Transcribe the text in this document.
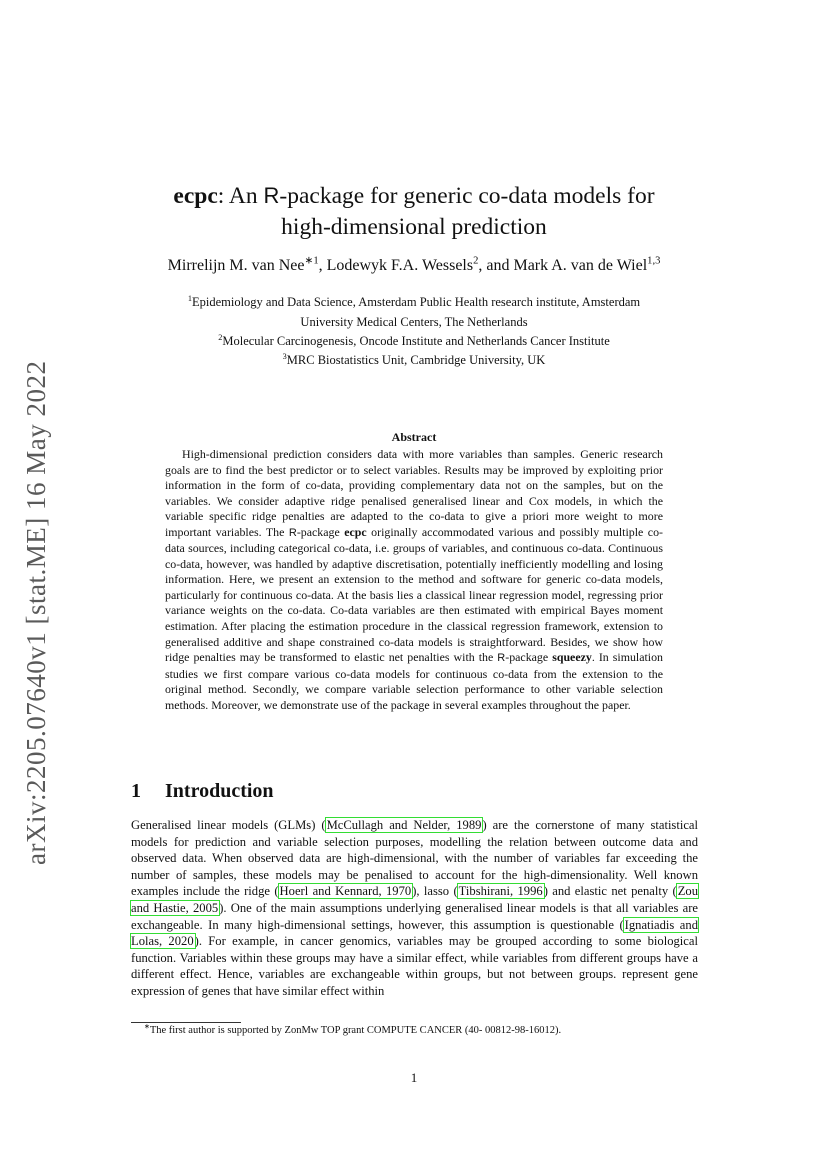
arXiv:2205.07640v1 [stat.ME] 16 May 2022
ecpc: An R-package for generic co-data models for
high-dimensional prediction
Mirrelijn M. van Nee$^{∗1}$, Lodewyk F.A. Wessels$^2$, and Mark A. van de Wiel$^{1,3}$
$^1$Epidemiology and Data Science, Amsterdam Public Health research institute, Amsterdam
University Medical Centers, The Netherlands
$^2$Molecular Carcinogenesis, Oncode Institute and Netherlands Cancer Institute
$^3$MRC Biostatistics Unit, Cambridge University, UK
Abstract

High-dimensional prediction considers data with more variables than samples. Generic research goals are to find the best predictor or to select variables. Results may be improved by exploiting prior information in the form of co-data, providing complementary data not on the samples, but on the variables. We consider adaptive ridge penalised generalised linear and Cox models, in which the variable specific ridge penalties are adapted to the co-data to give a priori more weight to more important variables. The R-package ecpc originally accommodated various and possibly multiple co-data sources, including categorical co-data, i.e. groups of variables, and continuous co-data. Continuous co-data, however, was handled by adaptive discretisation, potentially inefficiently modelling and losing information. Here, we present an extension to the method and software for generic co-data models, particularly for continuous co-data. At the basis lies a classical linear regression model, regressing prior variance weights on the co-data. Co-data variables are then estimated with empirical Bayes moment estimation. After placing the estimation procedure in the classical regression framework, extension to generalised additive and shape constrained co-data models is straightforward. Besides, we show how ridge penalties may be transformed to elastic net penalties with the R-package squeezy. In simulation studies we first compare various co-data models for continuous co-data from the extension to the original method. Secondly, we compare variable selection performance to other variable selection methods. Moreover, we demonstrate use of the package in several examples throughout the paper.

1 Introduction

Generalised linear models (GLMs) (McCullagh and Nelder, 1989) are the cornerstone of many statistical models for prediction and variable selection purposes, modelling the relation between outcome data and observed data. When observed data are high-dimensional, with the number of variables far exceeding the number of samples, these models may be penalised to account for the high-dimensionality. Well known examples include the ridge (Hoerl and Kennard, 1970), lasso (Tibshirani, 1996) and elastic net penalty (Zou and Hastie, 2005). One of the main assumptions underlying generalised linear models is that all variables are exchangeable. In many high-dimensional settings, however, this assumption is questionable (Ignatiadis and Lolas, 2020). For example, in cancer genomics, variables may be grouped according to some biological function. Variables within these groups may have a similar effect, while variables from different groups have a different effect. Hence, variables are exchangeable within groups, but not between groups. represent gene expression of genes that have similar effect within

∗The first author is supported by ZonMw TOP grant COMPUTE CANCER (40- 00812-98-16012).
1
